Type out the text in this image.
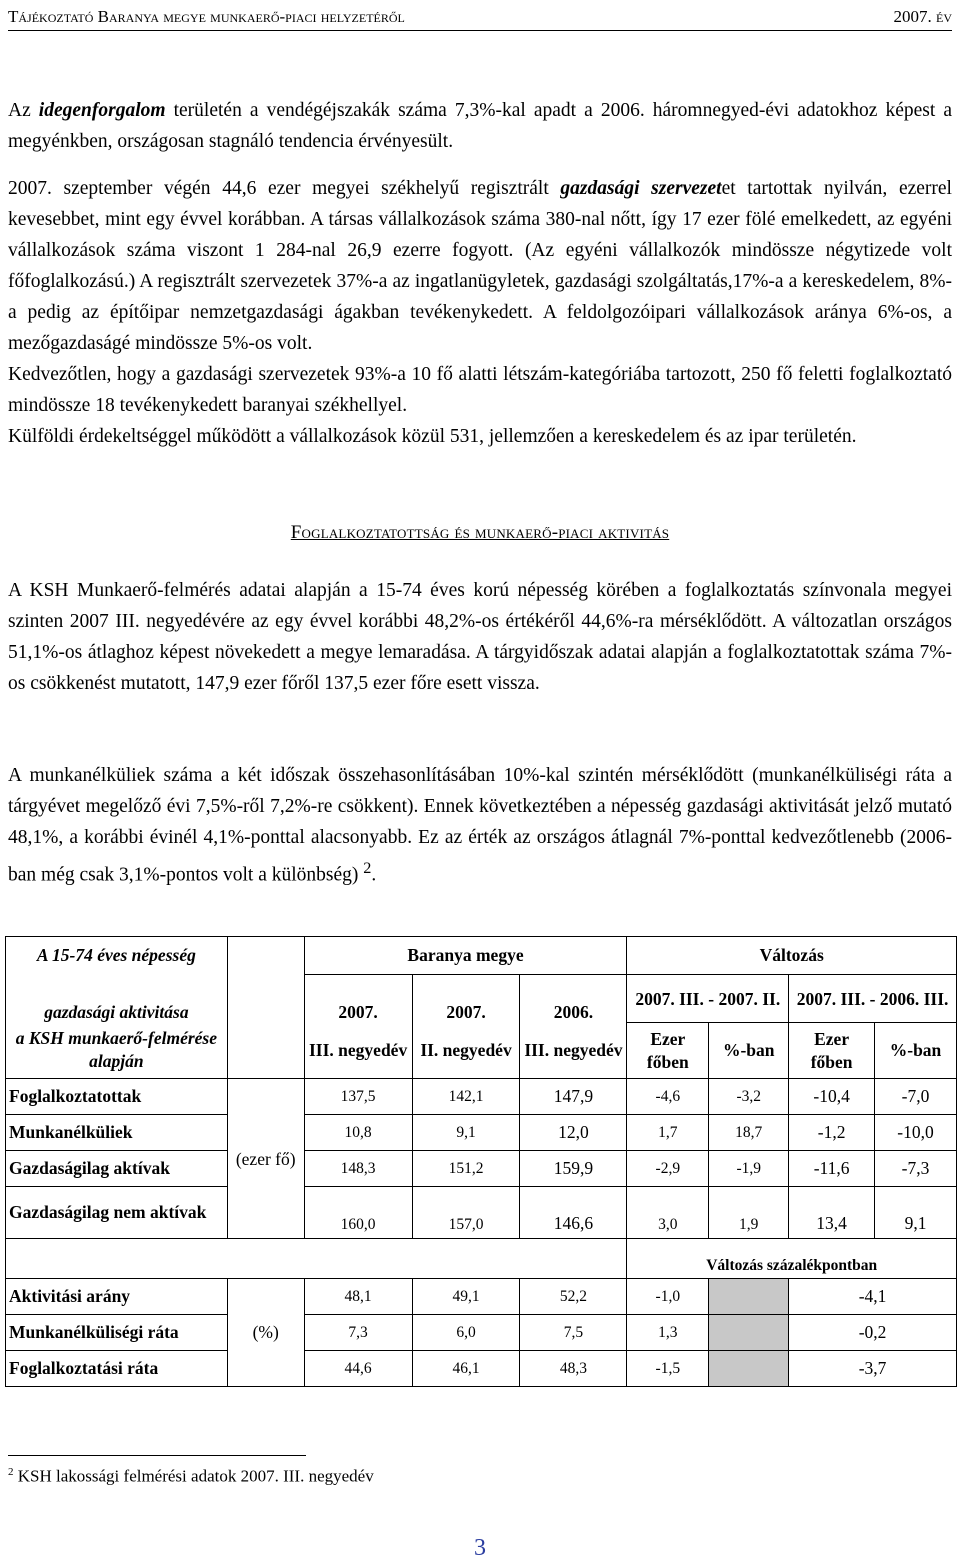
Tájékoztató Baranya megye munkaerő-piaci helyzetéről	2007. év

Az idegenforgalom területén a vendégéjszakák száma 7,3%-kal apadt a 2006. háromnegyed-évi adatokhoz képest a megyénkben, országosan stagnáló tendencia érvényesült.

2007. szeptember végén 44,6 ezer megyei székhelyű regisztrált gazdasági szervezetet tartottak nyilván, ezerrel kevesebbet, mint egy évvel korábban. A társas vállalkozások száma 380-nal nőtt, így 17 ezer fölé emelkedett, az egyéni vállalkozások száma viszont 1 284-nal 26,9 ezerre fogyott. (Az egyéni vállalkozók mindössze négytizede volt főfoglalkozású.) A regisztrált szervezetek 37%-a az ingatlanügyletek, gazdasági szolgáltatás,17%-a a kereskedelem, 8%-a pedig az építőipar nemzetgazdasági ágakban tevékenykedett. A feldolgozóipari vállalkozások aránya 6%-os, a mezőgazdaságé mindössze 5%-os volt.

Kedvezőtlen, hogy a gazdasági szervezetek 93%-a 10 fő alatti létszám-kategóriába tartozott, 250 fő feletti foglalkoztató mindössze 18 tevékenykedett baranyai székhellyel.

Külföldi érdekeltséggel működött a vállalkozások közül 531, jellemzően a kereskedelem és az ipar területén.

Foglalkoztatottság és munkaerő-piaci aktivitás

A KSH Munkaerő-felmérés adatai alapján a 15-74 éves korú népesség körében a foglalkoztatás színvonala megyei szinten 2007 III. negyedévére az egy évvel korábbi 48,2%-os értékéről 44,6%-ra mérséklődött. A változatlan országos 51,1%-os átlaghoz képest növekedett a megye lemaradása. A tárgyidőszak adatai alapján a foglalkoztatottak száma 7%-os csökkenést mutatott, 147,9 ezer főről 137,5 ezer főre esett vissza.

A munkanélküliek száma a két időszak összehasonlításában 10%-kal szintén mérséklődött (munkanélküliségi ráta a tárgyévet megelőző évi 7,5%-ről 7,2%-re csökkent). Ennek következtében a népesség gazdasági aktivitását jelző mutató 48,1%, a korábbi évinél 4,1%-ponttal alacsonyabb. Ez az érték az országos átlagnál 7%-ponttal kedvezőtlenebb (2006-ban még csak 3,1%-pontos volt a különbség) $^2$.

A 15-74 éves népesség		Baranya megye			Változás			
gazdasági aktivitása		2007.	2007.	2006.	2007. III. - 2007. II.		2007. III. - 2006. III.	
a KSH munkaerő-felmérése alapján		III. negyedév	II. negyedév	III. negyedév	Ezer főben	%-ban	Ezer főben	%-ban
Foglalkoztatottak	(ezer fő)	137,5	142,1	147,9	-4,6	-3,2	-10,4	-7,0
Munkanélküliek		10,8	9,1	12,0	1,7	18,7	-1,2	-10,0
Gazdaságilag aktívak		148,3	151,2	159,9	-2,9	-1,9	-11,6	-7,3
Gazdaságilag nem aktívak		160,0	157,0	146,6	3,0	1,9	13,4	9,1
					Változás százalékpontban			
Aktivitási arány	(%)	48,1	49,1	52,2	-1,0		-4,1	
Munkanélküliségi ráta		7,3	6,0	7,5	1,3		-0,2	
Foglalkoztatási ráta		44,6	46,1	48,3	-1,5		-3,7	
$^2$ KSH lakossági felmérési adatok 2007. III. negyedév
3
